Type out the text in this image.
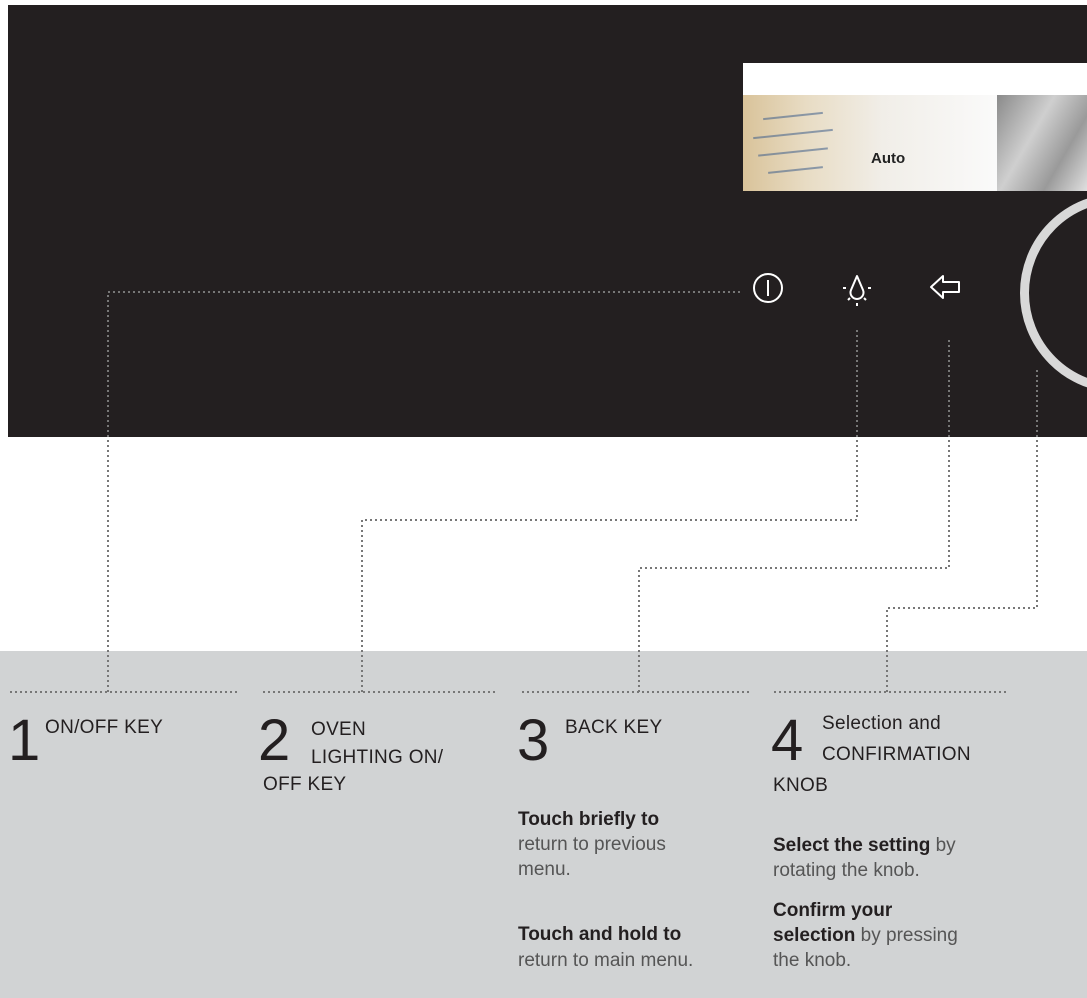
Auto
1 ON/OFF KEY 2 OVEN
LIGHTING ON/
OFF KEY
3 BACK KEY
Touch briefly to
return to previous
menu.
Touch and hold to
return to main menu.
4 Selection and
CONFIRMATION
KNOB
Select the setting by
rotating the knob.
Confirm your
selection by pressing
the knob.
